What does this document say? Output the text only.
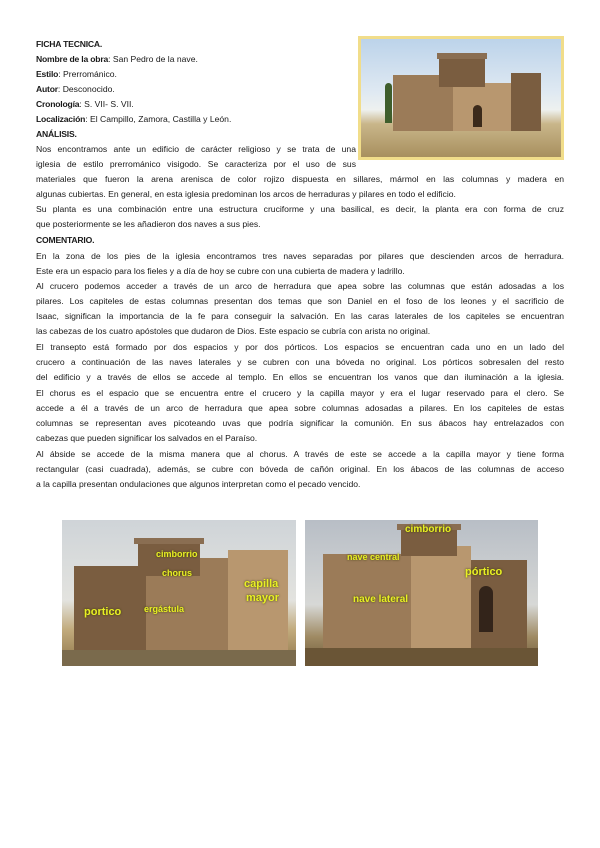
FICHA TECNICA.
Nombre de la obra: San Pedro de la nave.
Estilo: Prerrománico.
Autor: Desconocido.
Cronología: S. VII- S. VII.
Localización: El Campillo, Zamora, Castilla y León.
ANÁLISIS.
Nos encontramos ante un edificio de carácter religioso y se trata de una
iglesia de estilo prerrománico visigodo. Se caracteriza por el uso de sus
materiales que fueron la arena arenisca de color rojizo dispuesta en sillares, mármol en las columnas y madera en
algunas cubiertas. En general, en esta iglesia predominan los arcos de herraduras y pilares en todo el edificio.
Su planta es una combinación entre una estructura cruciforme y una basilical, es decir, la planta era con forma de cruz
que posteriormente se les añadieron dos naves a sus pies.
COMENTARIO.
En la zona de los pies de la iglesia encontramos tres naves separadas por pilares que descienden arcos de herradura.
Este era un espacio para los fieles y a día de hoy se cubre con una cubierta de madera y ladrillo.
Al crucero podemos acceder a través de un arco de herradura que apea sobre las columnas que están adosadas a los
pilares. Los capiteles de estas columnas presentan dos temas que son Daniel en el foso de los leones y el sacrificio de
Isaac, significan la importancia de la fe para conseguir la salvación. En las caras laterales de los capiteles se encuentran
las cabezas de los cuatro apóstoles que dudaron de Dios. Este espacio se cubría con arista no original.
El transepto está formado por dos espacios y por dos pórticos. Los espacios se encuentran cada uno en un lado del
crucero a continuación de las naves laterales y se cubren con una bóveda no original. Los pórticos sobresalen del resto
del edificio y a través de ellos se accede al templo. En ellos se encuentran los vanos que dan iluminación a la iglesia.
El chorus es el espacio que se encuentra entre el crucero y la capilla mayor y era el lugar reservado para el clero. Se
accede a él a través de un arco de herradura que apea sobre columnas adosadas a pilares. En los capiteles de estas
columnas se representan aves picoteando uvas que podría significar la comunión. En sus ábacos hay entrelazados con
cabezas que pueden significar los salvados en el Paraíso.
Al ábside se accede de la misma manera que al chorus. A través de este se accede a la capilla mayor y tiene forma
rectangular (casi cuadrada), además, se cubre con bóveda de cañón original. En los ábacos de las columnas de acceso
a la capilla presentan ondulaciones que algunos interpretan como el pecado vencido.
cimborrio
chorus
capilla
mayor
portico	ergástula
cimborrio
nave central
pórtico
nave lateral
